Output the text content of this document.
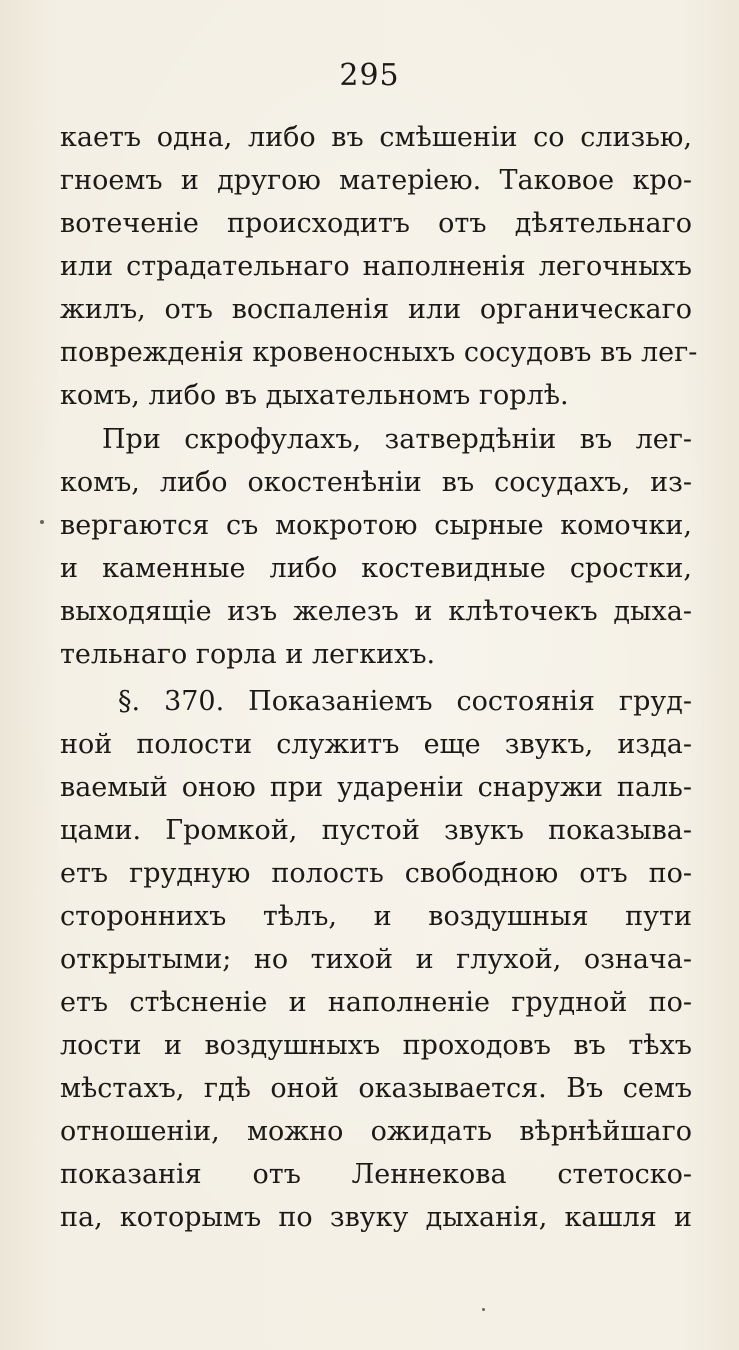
295
каетъ одна, либо въ смѣшеніи со слизью,
гноемъ и другою матеріею. Таковое кро-
вотеченіе происходитъ отъ дѣятельнаго
или страдательнаго наполненія легочныхъ
жилъ, отъ воспаленія или органическаго
поврежденія кровеносныхъ сосудовъ въ лег-
комъ, либо въ дыхательномъ горлѣ.
При скрофулахъ, затвердѣніи въ лег-
комъ, либо окостенѣніи въ сосудахъ, из-
вергаются съ мокротою сырные комочки,
и каменные либо костевидные сростки,
выходящіе изъ железъ и клѣточекъ дыха-
тельнаго горла и легкихъ.
§. 370. Показаніемъ состоянія груд-
ной полости служитъ еще звукъ, изда-
ваемый оною при удареніи снаружи паль-
цами. Громкой, пустой звукъ показыва-
етъ грудную полость свободною отъ по-
стороннихъ тѣлъ, и воздушныя пути
открытыми; но тихой и глухой, означа-
етъ стѣсненіе и наполненіе грудной по-
лости и воздушныхъ проходовъ въ тѣхъ
мѣстахъ, гдѣ оной оказывается. Въ семъ
отношеніи, можно ожидать вѣрнѣйшаго
показанія отъ Леннекова стетоско-
па, которымъ по звуку дыханія, кашля и
